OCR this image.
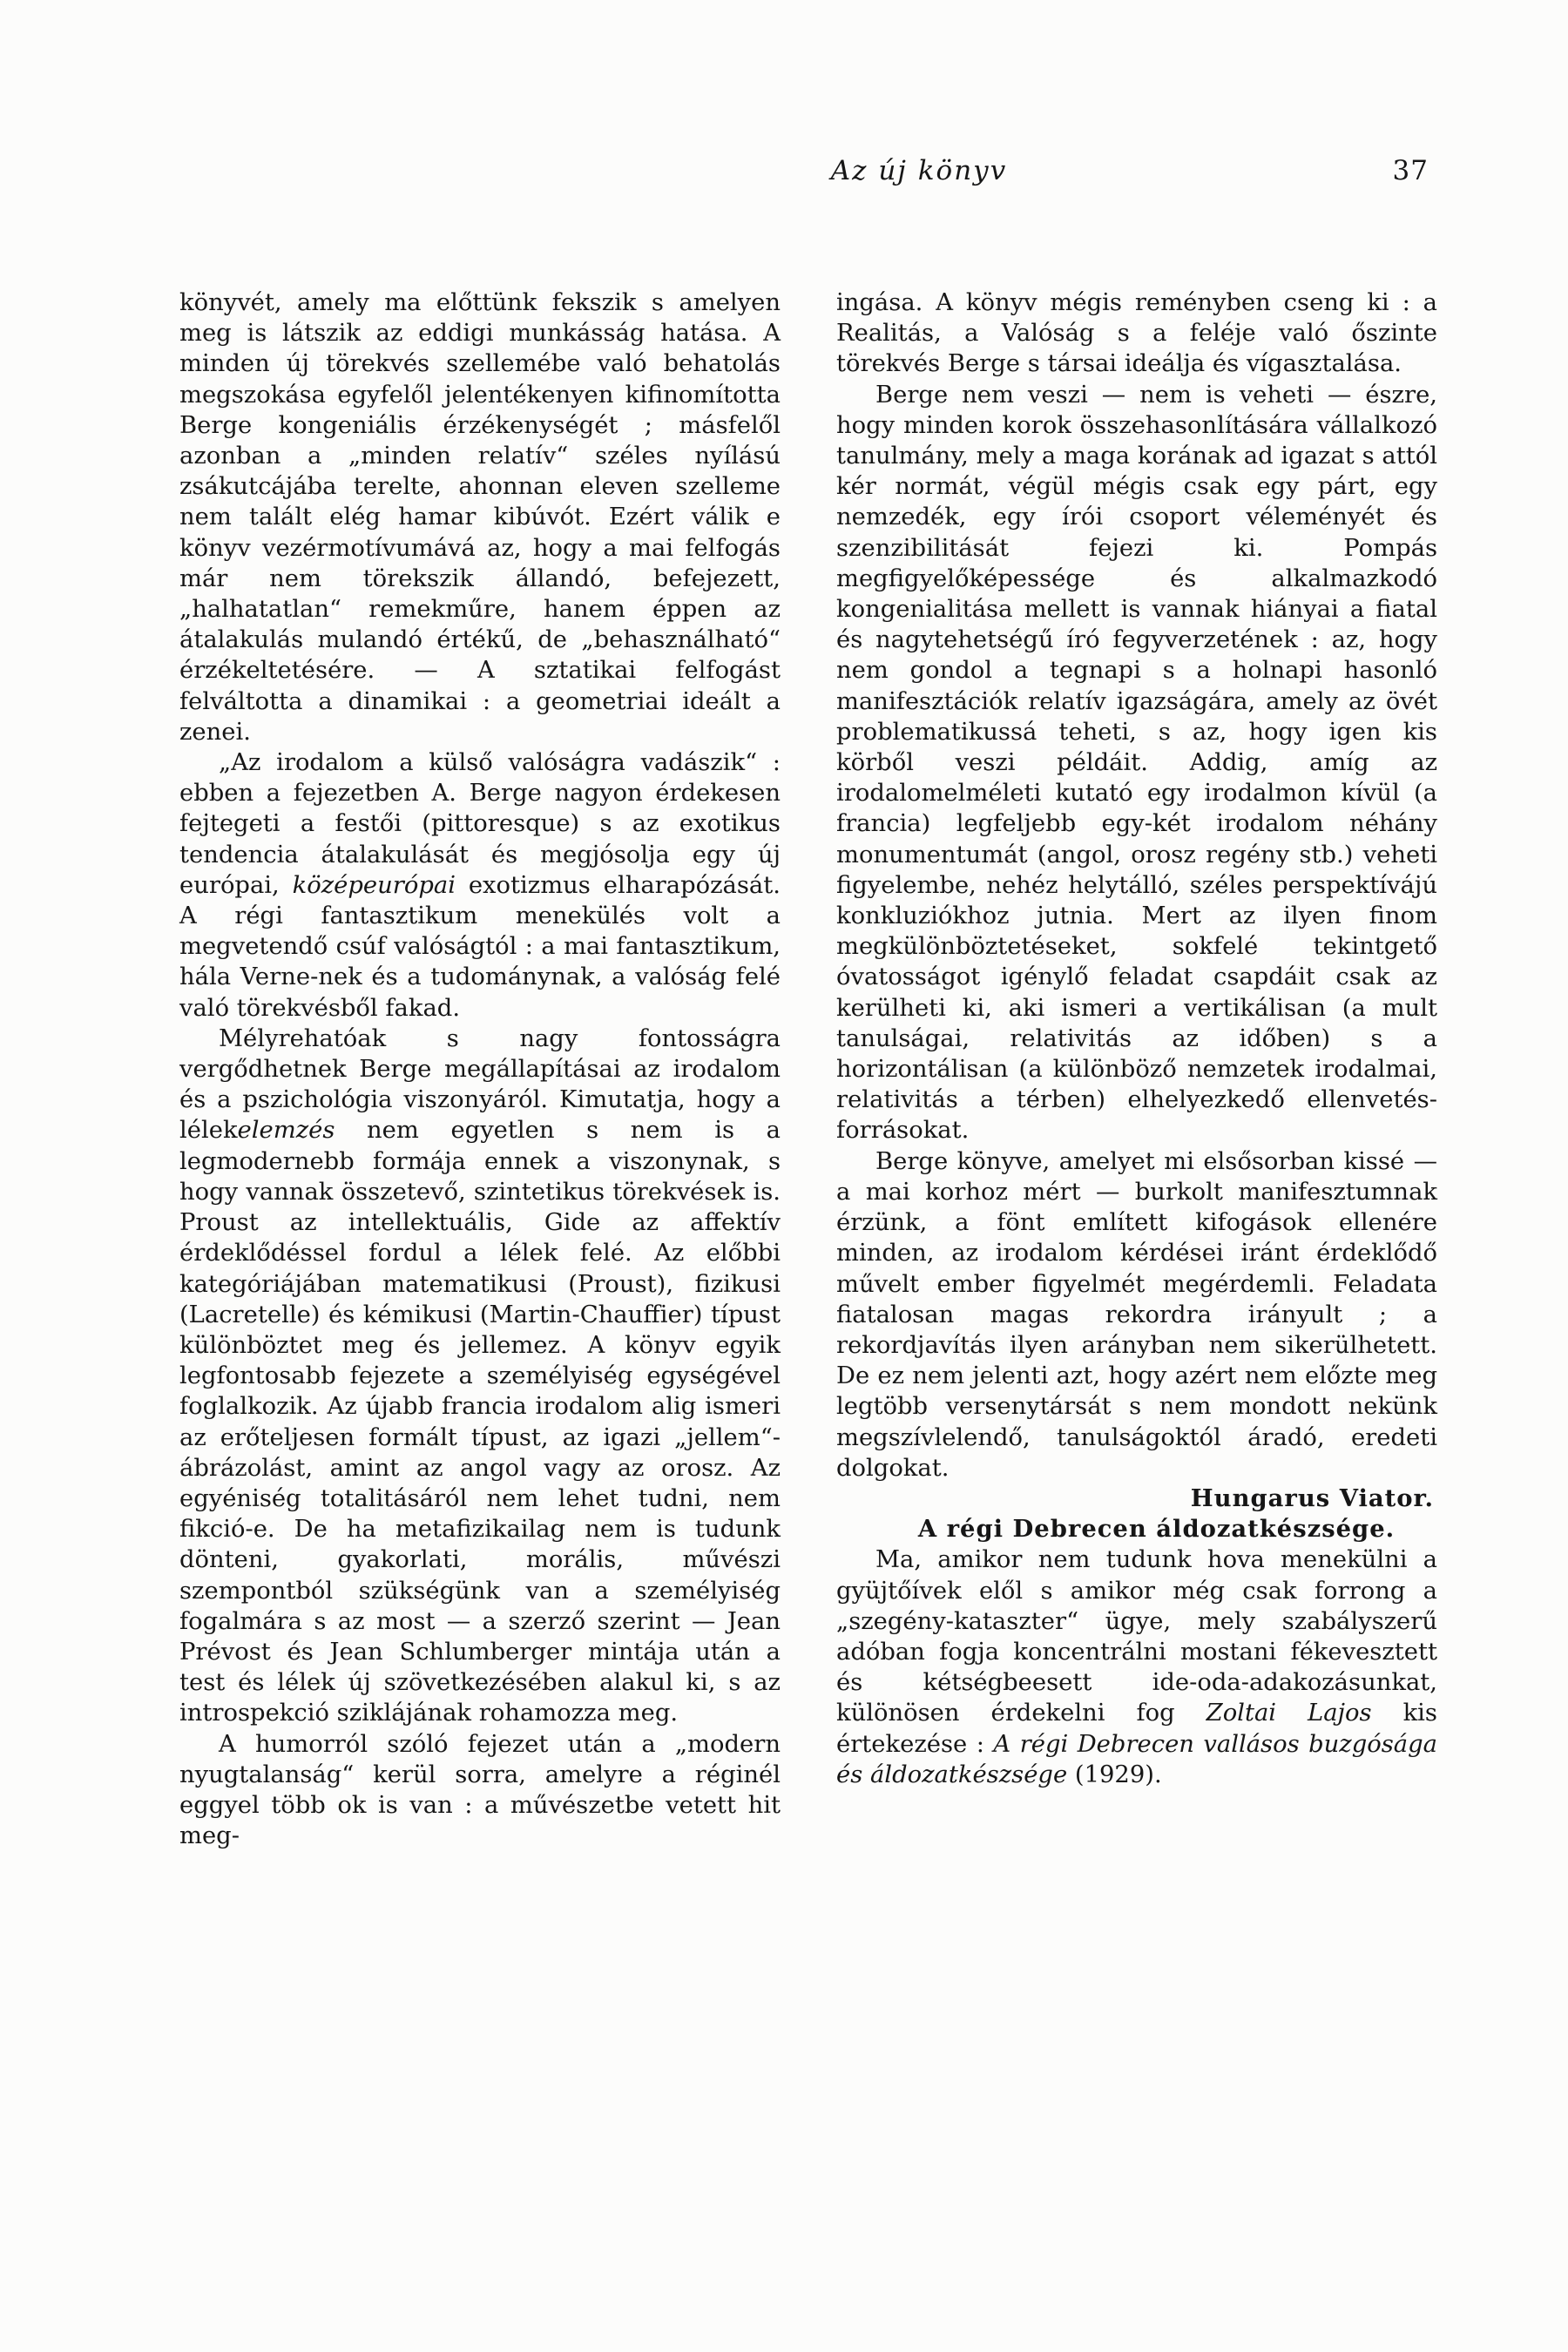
Az új könyv	37

könyvét, amely ma előttünk fekszik s amelyen meg is látszik az eddigi munkásság hatása. A minden új törekvés szellemébe való behatolás megszokása egyfelől jelentékenyen kifinomította Berge kongeniális érzékenységét ; másfelől azonban a „minden relatív“ széles nyílású zsákutcájába terelte, ahonnan eleven szelleme nem talált elég hamar kibúvót. Ezért válik e könyv vezérmotívumává az, hogy a mai felfogás már nem törekszik állandó, befejezett, „halhatatlan“ remekműre, hanem éppen az átalakulás mulandó értékű, de „behasználható“ érzékeltetésére. — A sztatikai felfogást felváltotta a dinamikai : a geometriai ideált a zenei.

„Az irodalom a külső valóságra vadászik“ : ebben a fejezetben A. Berge nagyon érdekesen fejtegeti a festői (pittoresque) s az exotikus tendencia átalakulását és megjósolja egy új európai, középeurópai exotizmus elharapózását. A régi fantasztikum menekülés volt a megvetendő csúf valóságtól : a mai fantasztikum, hála Verne-nek és a tudománynak, a valóság felé való törekvésből fakad.

Mélyrehatóak s nagy fontosságra vergődhetnek Berge megállapításai az irodalom és a pszichológia viszonyáról. Kimutatja, hogy a lélekelemzés nem egyetlen s nem is a legmodernebb formája ennek a viszonynak, s hogy vannak összetevő, szintetikus törekvések is. Proust az intellektuális, Gide az affektív érdeklődéssel fordul a lélek felé. Az előbbi kategóriájában matematikusi (Proust), fizikusi (Lacretelle) és kémikusi (Martin-Chauffier) típust különböztet meg és jellemez. A könyv egyik legfontosabb fejezete a személyiség egységével foglalkozik. Az újabb francia irodalom alig ismeri az erőteljesen formált típust, az igazi „jellem“-ábrázolást, amint az angol vagy az orosz. Az egyéniség totalitásáról nem lehet tudni, nem fikció-e. De ha metafizikailag nem is tudunk dönteni, gyakorlati, morális, művészi szempontból szükségünk van a személyiség fogalmára s az most — a szerző szerint — Jean Prévost és Jean Schlumberger mintája után a test és lélek új szövetkezésében alakul ki, s az introspekció sziklájának rohamozza meg.

A humorról szóló fejezet után a „modern nyugtalanság“ kerül sorra, amelyre a réginél eggyel több ok is van : a művészetbe vetett hit meg-

ingása. A könyv mégis reményben cseng ki : a Realitás, a Valóság s a feléje való őszinte törekvés Berge s társai ideálja és vígasztalása.

Berge nem veszi — nem is veheti — észre, hogy minden korok összehasonlítására vállalkozó tanulmány, mely a maga korának ad igazat s attól kér normát, végül mégis csak egy párt, egy nemzedék, egy írói csoport véleményét és szenzibilitását fejezi ki. Pompás megfigyelőképessége és alkalmazkodó kongenialitása mellett is vannak hiányai a fiatal és nagytehetségű író fegyverzetének : az, hogy nem gondol a tegnapi s a holnapi hasonló manifesztációk relatív igazságára, amely az övét problematikussá teheti, s az, hogy igen kis körből veszi példáit. Addig, amíg az irodalomelméleti kutató egy irodalmon kívül (a francia) legfeljebb egy-két irodalom néhány monumentumát (angol, orosz regény stb.) veheti figyelembe, nehéz helytálló, széles perspektívájú konkluziókhoz jutnia. Mert az ilyen finom megkülönböztetéseket, sokfelé tekintgető óvatosságot igénylő feladat csapdáit csak az kerülheti ki, aki ismeri a vertikálisan (a mult tanulságai, relativitás az időben) s a horizontálisan (a különböző nemzetek irodalmai, relativitás a térben) elhelyezkedő ellenvetés-forrásokat.

Berge könyve, amelyet mi elsősorban kissé — a mai korhoz mért — burkolt manifesztumnak érzünk, a fönt említett kifogások ellenére minden, az irodalom kérdései iránt érdeklődő művelt ember figyelmét megérdemli. Feladata fiatalosan magas rekordra irányult ; a rekordjavítás ilyen arányban nem sikerülhetett. De ez nem jelenti azt, hogy azért nem előzte meg legtöbb versenytársát s nem mondott nekünk megszívlelendő, tanulságoktól áradó, eredeti dolgokat.

Hungarus Viator.

A régi Debrecen áldozatkészsége.

Ma, amikor nem tudunk hova menekülni a gyüjtőívek elől s amikor még csak forrong a „szegény-kataszter“ ügye, mely szabályszerű adóban fogja koncentrálni mostani fékevesztett és kétségbeesett ide-oda-adakozásunkat, különösen érdekelni fog Zoltai Lajos kis értekezése : A régi Debrecen vallásos buzgósága és áldozatkészsége (1929).
